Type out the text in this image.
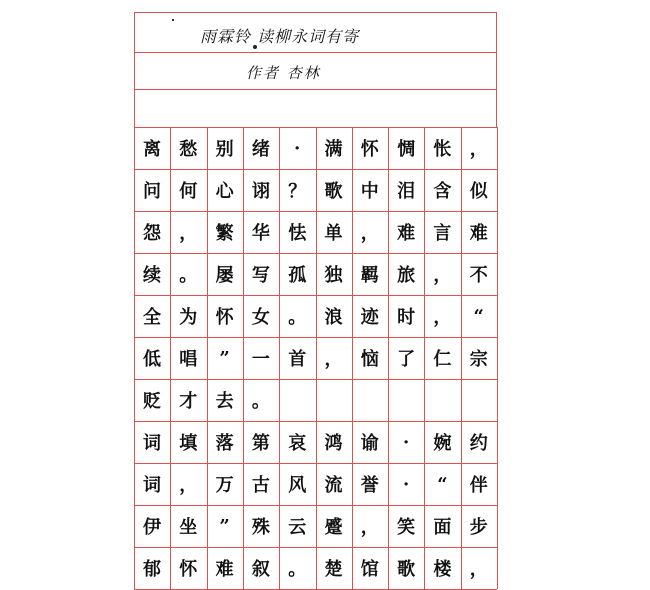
雨霖铃 读柳永词有寄
作者 杏林
离	愁	别	绪	·	满	怀	惆	怅	，
问	何	心	诩	？	歌	中	泪	含	似
怨	，	繁	华	怯	单	，	难	言	难
续	。	屡	写	孤	独	羁	旅	，	不
全	为	怀	女	。	浪	迹	时	，	“
低	唱	”	一	首	，	恼	了	仁	宗
贬	才	去	。
词	填	落	第	哀	鸿	谕	·	婉	约
词	，	万	古	风	流	誉	·	“	伴
伊	坐	”	殊	云	蹙	，	笑	面	步
郁	怀	难	叙	。	楚	馆	歌	楼	，
